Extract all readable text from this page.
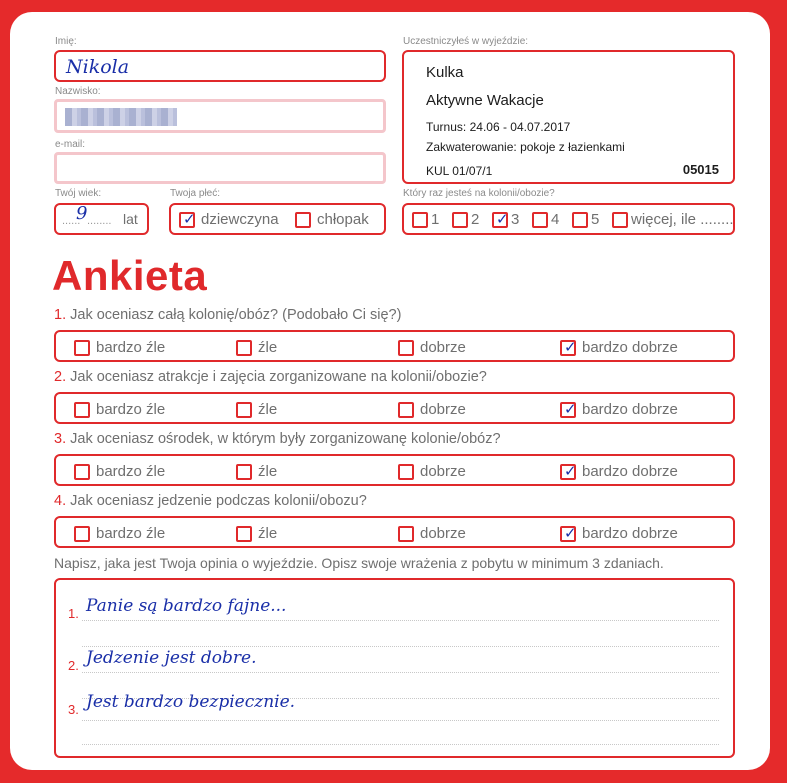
Imię:
Nikola
Nazwisko:
e-mail:
Uczestniczyłeś w wyjeździe:
Kulka
Aktywne Wakacje
Turnus: 24.06 - 04.07.2017
Zakwaterowanie: pokoje z łazienkami
KUL 01/07/1	05015
Twój wiek:
......
9 ........ lat
Twoja płeć:
✓dziewczyna	chłopak
Który raz jesteś na kolonii/obozie?
1	2 ✓	3	4	5	więcej, ile ........
Ankieta
1. Jak oceniasz całą kolonię/obóz? (Podobało Ci się?)
bardzo źle	źle	dobrze ✓	bardzo dobrze
2. Jak oceniasz atrakcje i zajęcia zorganizowane na kolonii/obozie?
bardzo źle	źle	dobrze ✓	bardzo dobrze
3. Jak oceniasz ośrodek, w którym były zorganizowanę kolonie/obóz?
bardzo źle	źle	dobrze ✓	bardzo dobrze
4. Jak oceniasz jedzenie podczas kolonii/obozu?
bardzo źle	źle	dobrze ✓	bardzo dobrze
Napisz, jaka jest Twoja opinia o wyjeździe. Opisz swoje wrażenia z pobytu w minimum 3 zdaniach.
1. Panie są bardzo fajne...
2. Jedzenie jest dobre.
3. Jest bardzo bezpiecznie.
